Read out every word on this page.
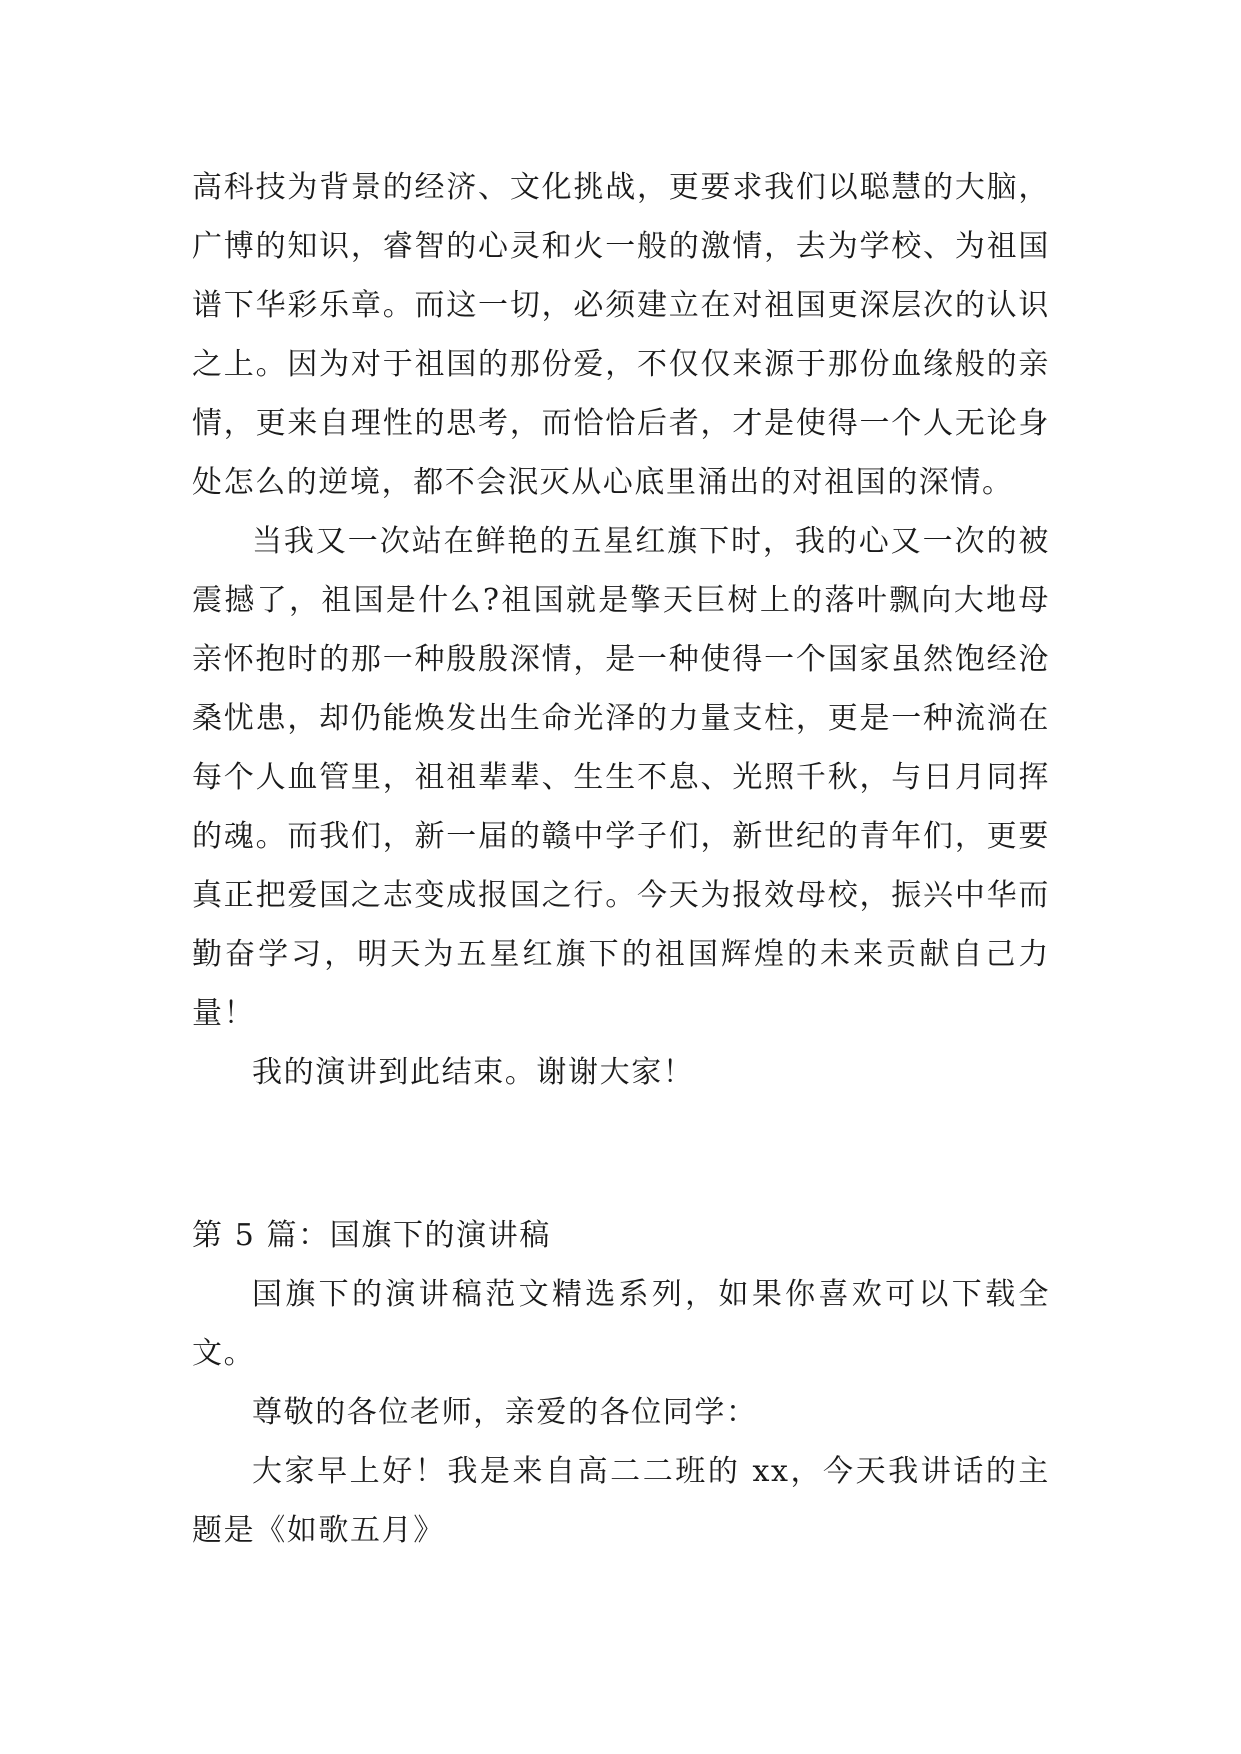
高科技为背景的经济、文化挑战，更要求我们以聪慧的大脑，广博的知识，睿智的心灵和火一般的激情，去为学校、为祖国谱下华彩乐章。而这一切，必须建立在对祖国更深层次的认识之上。因为对于祖国的那份爱，不仅仅来源于那份血缘般的亲情，更来自理性的思考，而恰恰后者，才是使得一个人无论身处怎么的逆境，都不会泯灭从心底里涌出的对祖国的深情。

当我又一次站在鲜艳的五星红旗下时，我的心又一次的被震撼了，祖国是什么?祖国就是擎天巨树上的落叶飘向大地母亲怀抱时的那一种殷殷深情，是一种使得一个国家虽然饱经沧桑忧患，却仍能焕发出生命光泽的力量支柱，更是一种流淌在每个人血管里，祖祖辈辈、生生不息、光照千秋，与日月同挥的魂。而我们，新一届的赣中学子们，新世纪的青年们，更要真正把爱国之志变成报国之行。今天为报效母校，振兴中华而勤奋学习，明天为五星红旗下的祖国辉煌的未来贡献自己力量！

我的演讲到此结束。谢谢大家！

第 5 篇：国旗下的演讲稿

国旗下的演讲稿范文精选系列，如果你喜欢可以下载全文。

尊敬的各位老师，亲爱的各位同学：

大家早上好！我是来自高二二班的 xx，今天我讲话的主题是《如歌五月》
